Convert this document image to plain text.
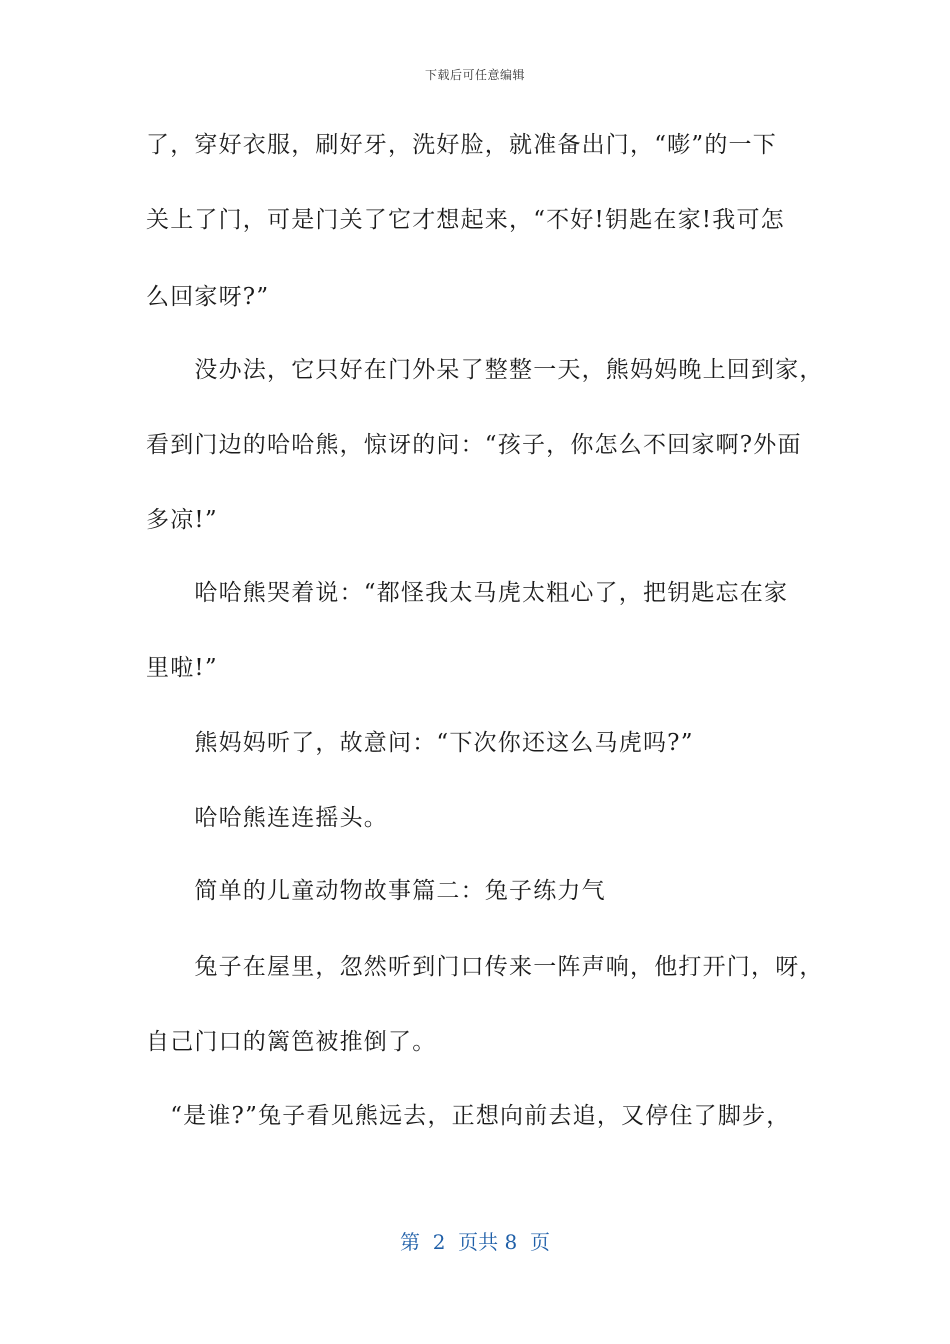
下载后可任意编辑
了，穿好衣服，刷好牙，洗好脸，就准备出门，“嘭”的一下
关上了门，可是门关了它才想起来，“不好!钥匙在家!我可怎
么回家呀?”
　　没办法，它只好在门外呆了整整一天，熊妈妈晚上回到家，
看到门边的哈哈熊，惊讶的问：“孩子，你怎么不回家啊?外面
多凉!”
　　哈哈熊哭着说：“都怪我太马虎太粗心了，把钥匙忘在家
里啦!”
　　熊妈妈听了，故意问：“下次你还这么马虎吗?”
　　哈哈熊连连摇头。
　　简单的儿童动物故事篇二：兔子练力气
　　兔子在屋里，忽然听到门口传来一阵声响，他打开门，呀，
自己门口的篱笆被推倒了。
　“是谁?”兔子看见熊远去，正想向前去追，又停住了脚步，
第  2  页共 8  页
